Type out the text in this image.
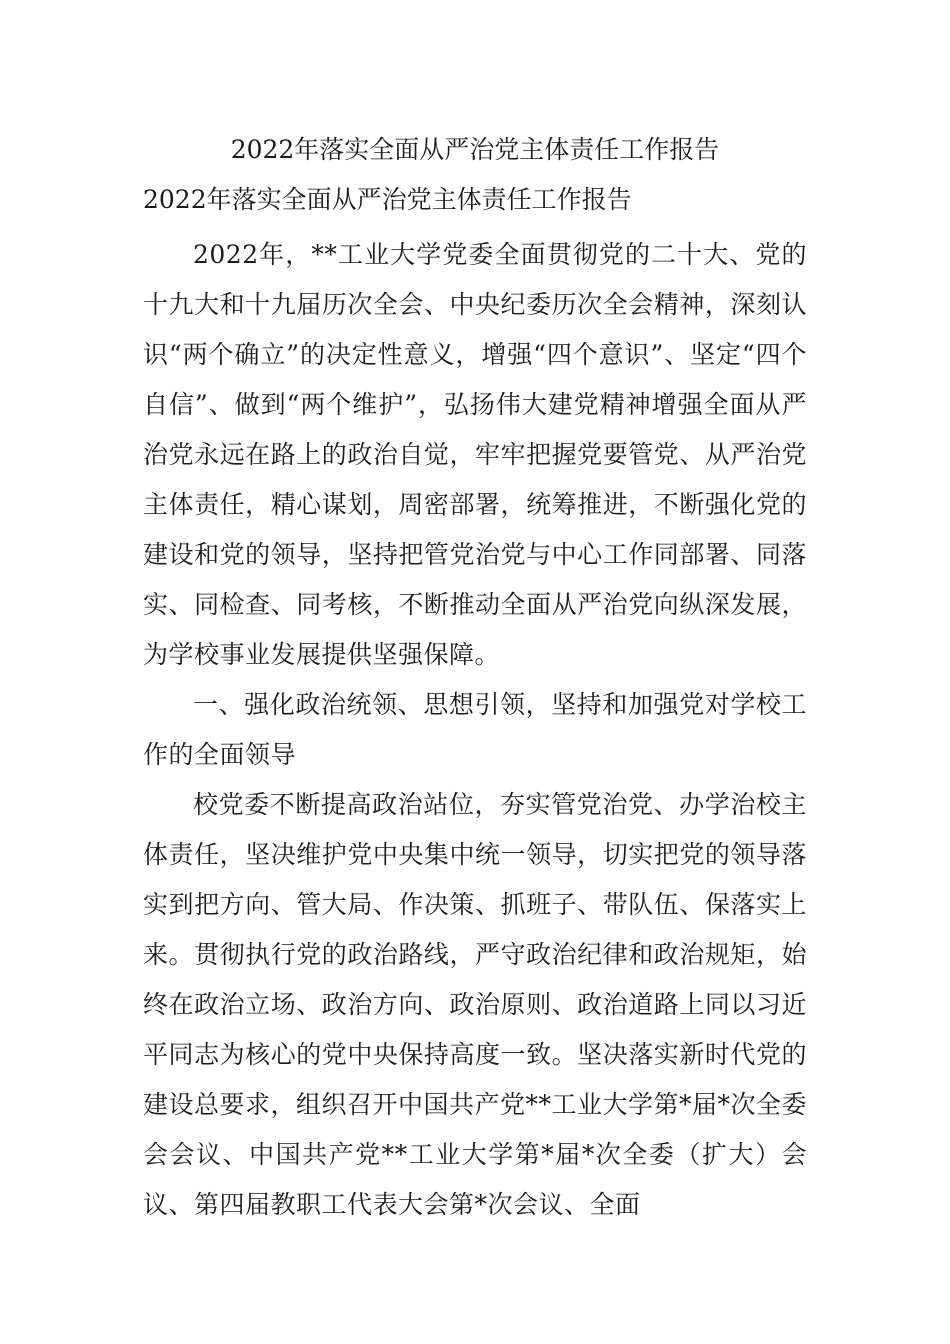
2022年落实全面从严治党主体责任工作报告
2022年落实全面从严治党主体责任工作报告

2022年，**工业大学党委全面贯彻党的二十大、党的十九大和十九届历次全会、中央纪委历次全会精神，深刻认识“两个确立”的决定性意义，增强“四个意识”、坚定“四个自信”、做到“两个维护”，弘扬伟大建党精神增强全面从严治党永远在路上的政治自觉，牢牢把握党要管党、从严治党主体责任，精心谋划，周密部署，统筹推进，不断强化党的建设和党的领导，坚持把管党治党与中心工作同部署、同落实、同检查、同考核，不断推动全面从严治党向纵深发展，为学校事业发展提供坚强保障。

一、强化政治统领、思想引领，坚持和加强党对学校工作的全面领导

校党委不断提高政治站位，夯实管党治党、办学治校主体责任，坚决维护党中央集中统一领导，切实把党的领导落实到把方向、管大局、作决策、抓班子、带队伍、保落实上来。贯彻执行党的政治路线，严守政治纪律和政治规矩，始终在政治立场、政治方向、政治原则、政治道路上同以习近平同志为核心的党中央保持高度一致。坚决落实新时代党的建设总要求，组织召开中国共产党**工业大学第*届*次全委会会议、中国共产党**工业大学第*届*次全委（扩大）会议、第四届教职工代表大会第*次会议、全面
